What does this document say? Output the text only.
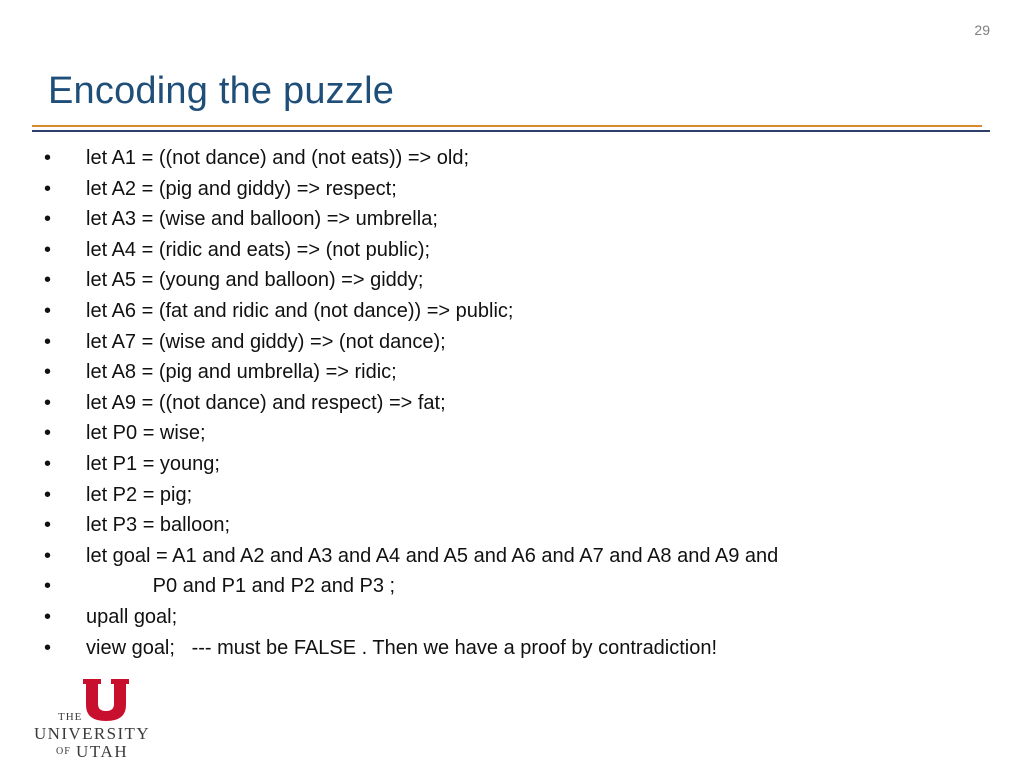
29
Encoding the puzzle
• let A1 = ((not dance) and (not eats)) => old;
• let A2 = (pig and giddy) => respect;
• let A3 = (wise and balloon) => umbrella;
• let A4 = (ridic and eats) => (not public);
• let A5 = (young and balloon) => giddy;
• let A6 = (fat and ridic and (not dance)) => public;
• let A7 = (wise and giddy) => (not dance);
• let A8 = (pig and umbrella) => ridic;
• let A9 = ((not dance) and respect) => fat;
• let P0 = wise;
• let P1 = young;
• let P2 = pig;
• let P3 = balloon;
• let goal = A1 and A2 and A3 and A4 and A5 and A6 and A7 and A8 and A9 and
•             P0 and P1 and P2 and P3 ;
• upall goal;
• view goal;   --- must be FALSE . Then we have a proof by contradiction!
THE
UNIVERSITY
OF UTAH
